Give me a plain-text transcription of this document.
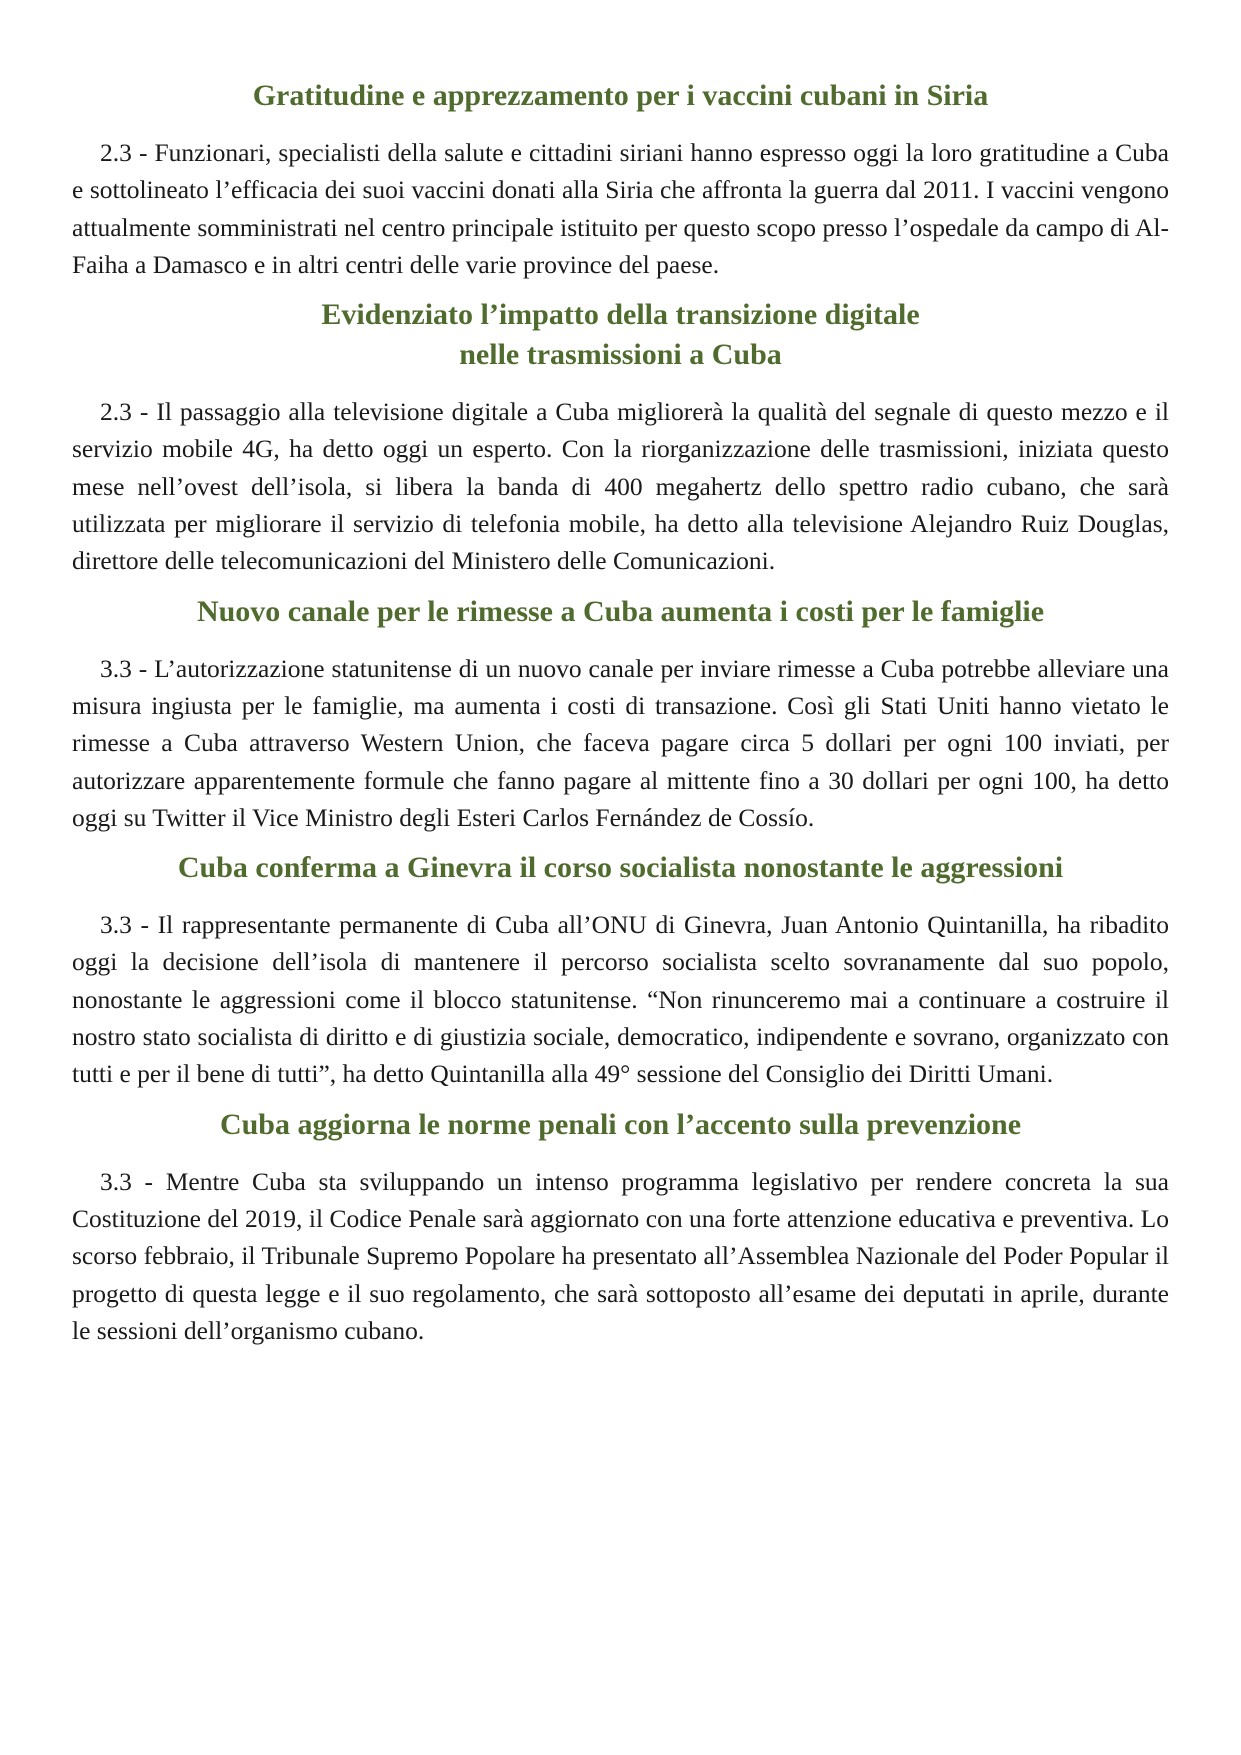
Gratitudine e apprezzamento per i vaccini cubani in Siria

2.3 - Funzionari, specialisti della salute e cittadini siriani hanno espresso oggi la loro gratitudine a Cuba e sottolineato l’efficacia dei suoi vaccini donati alla Siria che affronta la guerra dal 2011. I vaccini vengono attualmente somministrati nel centro principale istituito per questo scopo presso l’ospedale da campo di Al-Faiha a Damasco e in altri centri delle varie province del paese.

Evidenziato l’impatto della transizione digitale
nelle trasmissioni a Cuba

2.3 - Il passaggio alla televisione digitale a Cuba migliorerà la qualità del segnale di questo mezzo e il servizio mobile 4G, ha detto oggi un esperto. Con la riorganizzazione delle trasmissioni, iniziata questo mese nell’ovest dell’isola, si libera la banda di 400 megahertz dello spettro radio cubano, che sarà utilizzata per migliorare il servizio di telefonia mobile, ha detto alla televisione Alejandro Ruiz Douglas, direttore delle telecomunicazioni del Ministero delle Comunicazioni.

Nuovo canale per le rimesse a Cuba aumenta i costi per le famiglie

3.3 - L’autorizzazione statunitense di un nuovo canale per inviare rimesse a Cuba potrebbe alleviare una misura ingiusta per le famiglie, ma aumenta i costi di transazione. Così gli Stati Uniti hanno vietato le rimesse a Cuba attraverso Western Union, che faceva pagare circa 5 dollari per ogni 100 inviati, per autorizzare apparentemente formule che fanno pagare al mittente fino a 30 dollari per ogni 100, ha detto oggi su Twitter il Vice Ministro degli Esteri Carlos Fernández de Cossío.

Cuba conferma a Ginevra il corso socialista nonostante le aggressioni

3.3 - Il rappresentante permanente di Cuba all’ONU di Ginevra, Juan Antonio Quintanilla, ha ribadito oggi la decisione dell’isola di mantenere il percorso socialista scelto sovranamente dal suo popolo, nonostante le aggressioni come il blocco statunitense. “Non rinunceremo mai a continuare a costruire il nostro stato socialista di diritto e di giustizia sociale, democratico, indipendente e sovrano, organizzato con tutti e per il bene di tutti”, ha detto Quintanilla alla 49° sessione del Consiglio dei Diritti Umani.

Cuba aggiorna le norme penali con l’accento sulla prevenzione

3.3 - Mentre Cuba sta sviluppando un intenso programma legislativo per rendere concreta la sua Costituzione del 2019, il Codice Penale sarà aggiornato con una forte attenzione educativa e preventiva. Lo scorso febbraio, il Tribunale Supremo Popolare ha presentato all’Assemblea Nazionale del Poder Popular il progetto di questa legge e il suo regolamento, che sarà sottoposto all’esame dei deputati in aprile, durante le sessioni dell’organismo cubano.
